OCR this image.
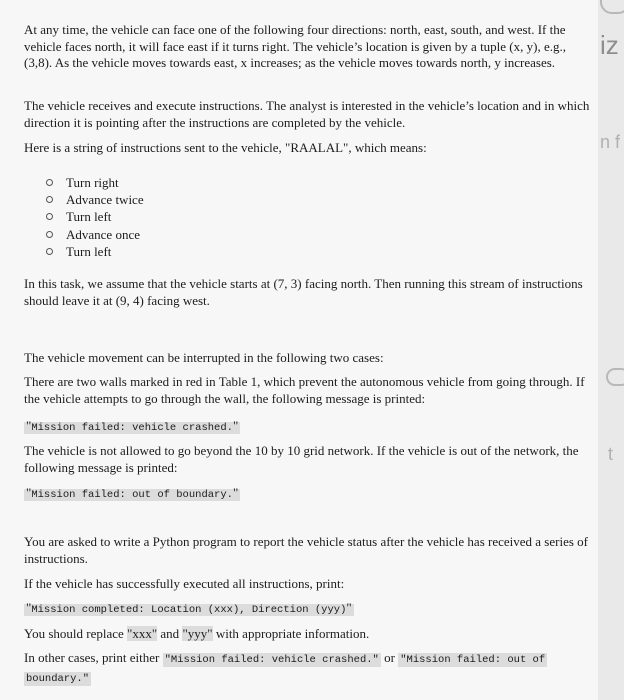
At any time, the vehicle can face one of the following four directions: north, east, south, and west. If the vehicle faces north, it will face east if it turns right. The vehicle’s location is given by a tuple (x, y), e.g., (3,8). As the vehicle moves towards east, x increases; as the vehicle moves towards north, y increases.

The vehicle receives and execute instructions. The analyst is interested in the vehicle’s location and in which direction it is pointing after the instructions are completed by the vehicle.

Here is a string of instructions sent to the vehicle, "RAALAL", which means:

Turn right
Advance twice
Turn left
Advance once
Turn left

In this task, we assume that the vehicle starts at (7, 3) facing north. Then running this stream of instructions should leave it at (9, 4) facing west.

The vehicle movement can be interrupted in the following two cases:

There are two walls marked in red in Table 1, which prevent the autonomous vehicle from going through. If the vehicle attempts to go through the wall, the following message is printed:

"Mission failed: vehicle crashed."

The vehicle is not allowed to go beyond the 10 by 10 grid network. If the vehicle is out of the network, the following message is printed:

"Mission failed: out of boundary."

You are asked to write a Python program to report the vehicle status after the vehicle has received a series of instructions.

If the vehicle has successfully executed all instructions, print:

"Mission completed: Location (xxx), Direction (yyy)"

You should replace "xxx" and "yyy" with appropriate information.

In other cases, print either "Mission failed: vehicle crashed." or "Mission failed: out of
boundary."

iz
n f
t
